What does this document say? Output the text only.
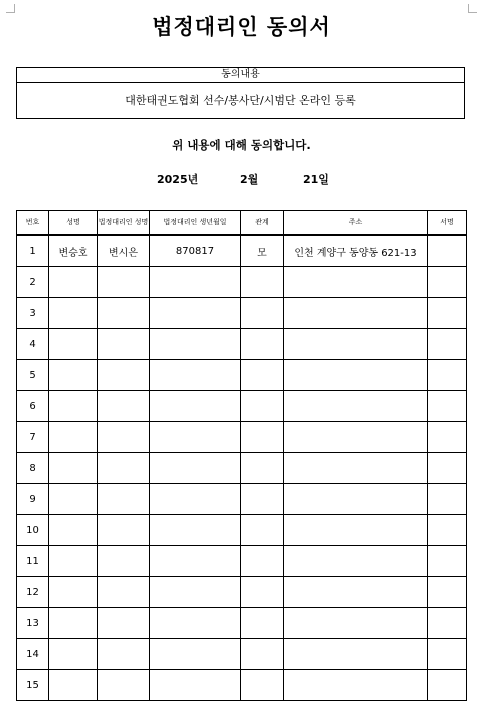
법정대리인 동의서
동의내용
대한태권도협회 선수/봉사단/시범단 온라인 등록
위 내용에 대해 동의합니다.
2025년	2월	21일
번호	성명	법정대리인 성명	법정대리인 생년월일	관계	주소	서명
1	변승호	변시은	870817	모	인천 계양구 동양동 621-13	
2						
3						
4						
5						
6						
7						
8						
9						
10						
11						
12						
13						
14						
15						
